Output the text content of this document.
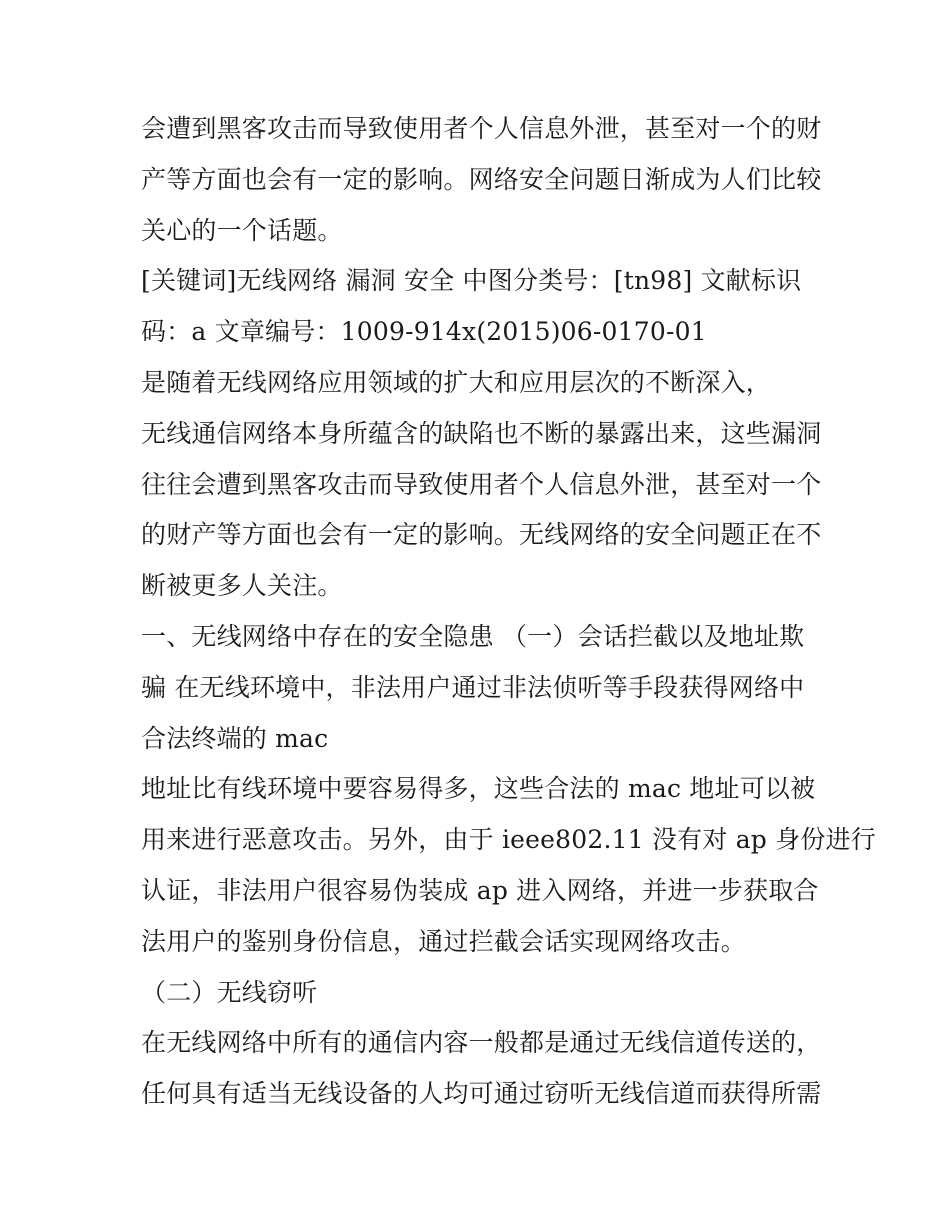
会遭到黑客攻击而导致使用者个人信息外泄，甚至对一个的财
产等方面也会有一定的影响。网络安全问题日渐成为人们比较
关心的一个话题。
[关键词]无线网络 漏洞 安全 中图分类号：[tn98] 文献标识
码：a 文章编号：1009-914x(2015)06-0170-01
是随着无线网络应用领域的扩大和应用层次的不断深入，
无线通信网络本身所蕴含的缺陷也不断的暴露出来，这些漏洞
往往会遭到黑客攻击而导致使用者个人信息外泄，甚至对一个
的财产等方面也会有一定的影响。无线网络的安全问题正在不
断被更多人关注。
一、无线网络中存在的安全隐患 （一）会话拦截以及地址欺
骗 在无线环境中，非法用户通过非法侦听等手段获得网络中
合法终端的 mac
地址比有线环境中要容易得多，这些合法的 mac 地址可以被
用来进行恶意攻击。另外，由于 ieee802.11 没有对 ap 身份进行
认证，非法用户很容易伪装成 ap 进入网络，并进一步获取合
法用户的鉴别身份信息，通过拦截会话实现网络攻击。
（二）无线窃听
在无线网络中所有的通信内容一般都是通过无线信道传送的，
任何具有适当无线设备的人均可通过窃听无线信道而获得所需
